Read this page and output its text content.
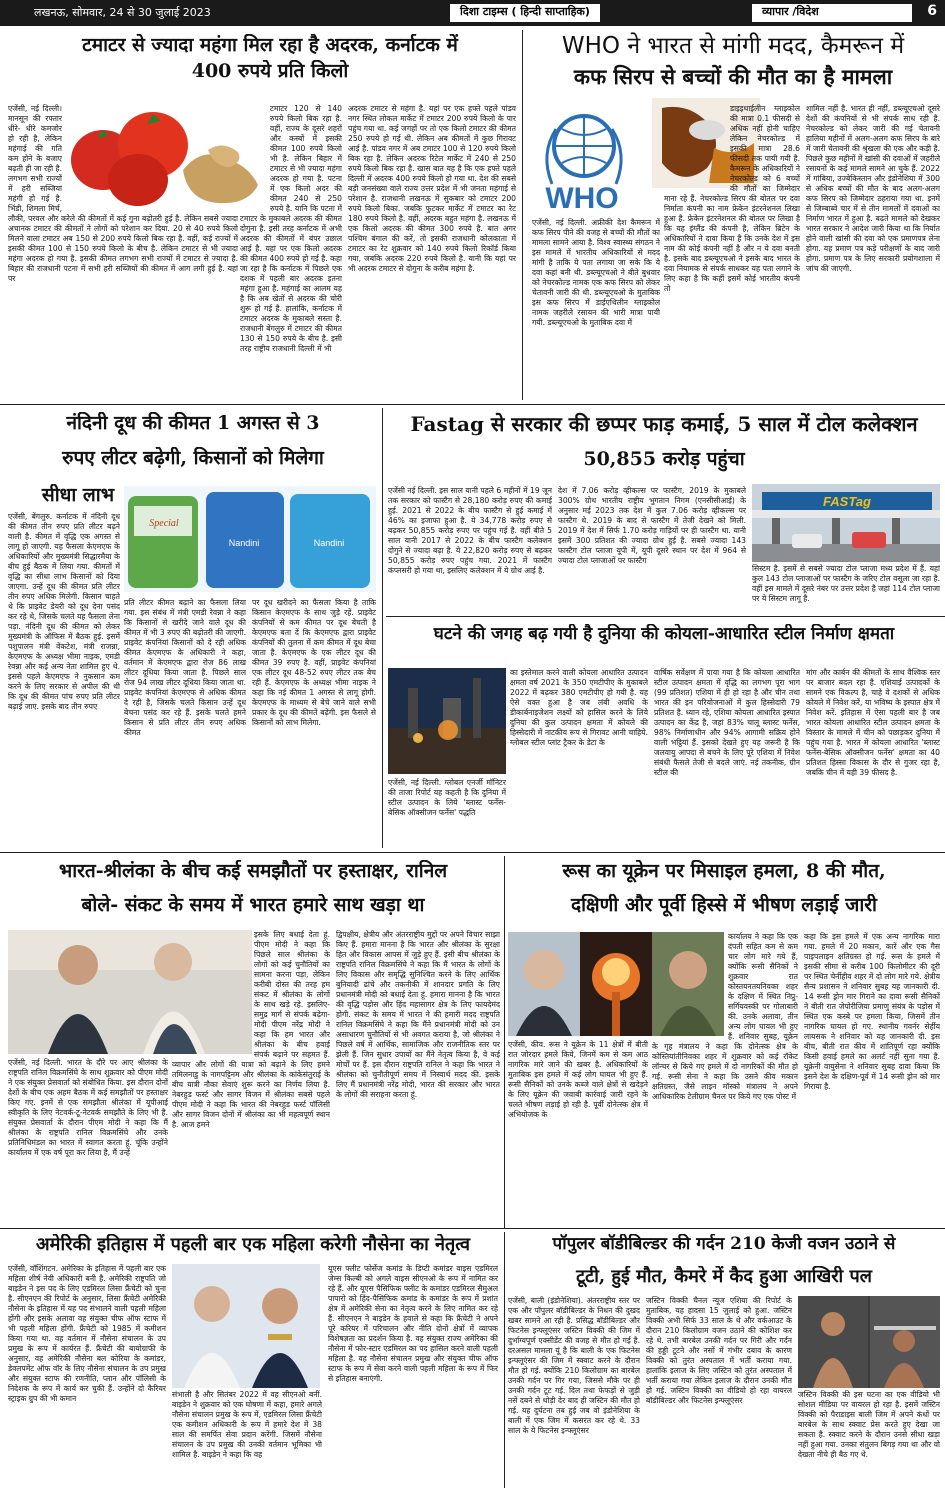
लखनऊ, सोमवार, 24 से 30 जुलाई 2023	दिशा टाइम्स ( हिन्दी साप्ताहिक)	व्यापार /विदेश	6
टमाटर से ज्यादा महंगा मिल रहा है अदरक, कर्नाटक में
400 रुपये प्रति किलो
एजेंसी, नई दिल्ली। मानसून की रफ्तार धीरे- धीरे कमजोर हो रही है, लेकिन महंगाई की गति कम होने के बजाए बढ़ती ही जा रही है. लगभग सभी राज्यों में हरी सब्जियां महंगी हो गई है. भिंडी, शिमला मिर्च, लौकी, परवल और करेले की कीमतों में कई गुना बढ़ोतरी हुई है. लेकिन सबसे ज्यादा अचानक टमाटर की कीमतों ने लोगों को परेशान कर दिया. 20 से 40 रुपये किलो मिलने वाला टमाटर अब 150 से 200 रुपये किलो बिक रहा है. वहीं, कई राज्यों में इसकी कीमत 100 से 150 रुपये किलो के बीच है. लेकिन टमाटर से भी ज्यादा महंगा अदरक हो गया है. इसकी कीमत लगभग सभी राज्यों में टमाटर से ज्यादा है. बिहार की राजधानी पटना में सभी हरी सब्जियों की कीमत में आग लगी हुई है. यहां पर
टमाटर 120 से 140 रुपये किलो बिक रहा है. वहीं, राज्य के दूसरे शहरों और कस्बों में इसकी कीमत 100 रुपये किलो भी है. लेकिन बिहार में टमाटर से भी ज्यादा महंगा अदरक हो गया है. पटना में एक किलो अदर की कीमत 240 से 250 रुपये है. यानि कि पटना में टमाटर के मुकाबले अदरक की कीमत दोगुना है. इसी तरह कर्नाटक में अभी अदरक की कीमतों में बंपर उछाल आई है. यहां पर एक किलो अदरक की कीमत 400 रुपये हो गई है. कहा जा रहा है कि कर्नाटक में पिछले एक दशक में पहली बार अदरक इतना महंगा हुआ है. महंगाई का आलम यह है कि अब खेतों से अदरक की चोरी शुरू हो गई है. हालांकि, कर्नाटक में टमाटर अदरक के मुकाबले सस्ता है. राजधानी बेंगलुरु में टमाटर की कीमत 130 से 150 रुपये के बीच है. इसी तरह राष्ट्रीय राजधानी दिल्ली में भी
अदरक टमाटर से महंगा है. यहां पर एक हफ्ते पहले पांडव नगर स्थित लोकल मार्केट में टमाटर 200 रुपये किलो के पार पहुंच गया था. कई जगहों पर तो एक किलो टमाटर की कीमत 250 रुपये हो गई थी. लेकिन अब कीमतों में कुछ गिरावट आई है. पांडव नगर में अब टमाटर 100 से 120 रुपये किलो बिक रहा है. लेकिन अदरक रिटेल मार्केट में 240 से 250 रुपये किलो बिक रहा है. खास बात यह है कि एक हफ्ते पहले दिल्ली में अदरक 400 रुपये किलो हो गया था. देश की सबसे बड़ी जनसंख्या वाले राज्य उत्तर प्रदेश में भी जनता महंगाई से परेशान है. राजधानी लखनऊ में सुकबार को टमाटर 200 रुपये किलो बिका. जबकि फुटकर मार्केट में टमाटर का रेट 180 रुपये किलो है. वहीं, अदरक बहुत महंगा है. लखनऊ में एक किलो अदरक की कीमत 300 रुपये है. बात अगर पश्चिम बंगाल की करें, तो इसकी राजधानी कोलकाता में टमाटर का रेट शुक्रवार को 140 रुपये किलो रिकॉर्ड किया गया, जबकि अदरक 220 रुपये किलो है. यानी कि यहां पर भी अदरक टमाटर से दोगुना के करीब महंगा है.
WHO ने भारत से मांगी मदद, कैमरून में
कफ सिरप से बच्चों की मौत का है मामला
WHO
एजेंसी, नई दिल्ली. अफ्रीकी देश कैमरून में कफ सिरप पीने की वजह से बच्चों की मौतों का मामला सामने आया है. विश्व स्वास्थ्य संगठन ने इस मामले में भारतीय अधिकारियों से मदद मांगी है ताकि ये पता लगाया जा सके कि ये दवा कहां बनी थी. डब्ल्यूएचओ ने बीते बुधवार को नेचरकोल्ड नामक एक कफ सिरप को लेकर चेतावनी जारी की थी. डब्ल्यूएचओ के मुताबिक इस कफ सिरप में डाईएथिलीन ग्लाइकोल नामक जहरीले रसायन की भारी मात्रा पायी गयी. डब्ल्यूएचओ के मुताबिक दवा में
डाइइथाईलीन ग्लाइकोल की मात्रा 0.1 फीसदी से अधिक नहीं होनी चाहिए लेकिन नेचरकोल्ड में इसकी मात्रा 28.6 फीसदी तक पायी गयी है. कैमरून के अधिकारियों ने नेचरकोल्ड को 6 बच्चों की मौतों का जिम्मेदार माना रहे हैं. नेचरकोल्ड सिरप की बोतल पर दवा निर्माता कंपनी का नाम फ्रेकेन इंटरनेशनल लिखा हुआ है. फ्रेकेन इंटरनेशनल की बोतल पर लिखा है कि यह इंग्लैंड की कंपनी है, लेकिन ब्रिटेन के अधिकारियों ने दावा किया है कि उनके देश में इस नाम की कोई कंपनी नहीं है और न ये दवा बनती है. इसके बाद डब्ल्यूएचओ ने इसके बाद भारत के दवा नियामक से संपर्क साधकर यह पता लगाने के लिए कहा है कि कहीं इसमें कोई भारतीय कंपनी तो
शामिल नहीं है. भारत ही नहीं, डब्ल्यूएचओ दूसरे देशों की कंपनियों से भी संपर्क साध रही है. नेचरकोल्ड को लेकर जारी की गई चेतावनी हालिया महीनों में अलग-अलग कफ सिरप के बारे में जारी चेतावनी की श्रृंखला की एक और कड़ी है. पिछले कुछ महीनों में खांसी की दवाओं में जहरीले रसायनों के कई मामले सामने आ चुके हैं. 2022 में गांबिया, उज्बेकिस्तान और इंडोनेशिया में 300 से अधिक बच्चों की मौत के बाद अलग-अलग कफ सिरप को जिम्मेदार ठहराया गया था. इनमें से जिम्बाब्वे चार में से तीन मामलों में दवाओं का निर्माण भारत में हुआ है. बढ़ते मामले को देखकर भारत सरकार ने आदेश जारी किया था कि निर्यात होने वाली खांसी की दवा को एक प्रमाणपत्र लेना होगा. यह प्रमाण पत्र कड़े परीक्षणों के बाद जारी होगा. प्रमाण पत्र के लिए सरकारी प्रयोगशाला में जांच की जाएगी.
नंदिनी दूध की कीमत 1 अगस्त से 3
रुपए लीटर बढ़ेगी, किसानों को मिलेगा
सीधा लाभ
Special
Nandini	Nandini
एजेंसी, बेंगलुरु. कर्नाटक में नंदिनी दूध की कीमत तीन रुपए प्रति लीटर बढ़ने वाली है. कीमत में वृद्धि एक अगस्त से लागू हो जाएगी. यह फैसला केएमएफ के अधिकारियों और मुख्यमंत्री सिद्धारमैया के बीच हुई बैठक में लिया गया. कीमतों में वृद्धि का सीधा लाभ किसानों को दिया जाएगा. उन्हें दूध की कीमत प्रति लीटर तीन रुपए अधिक मिलेगी. किसान चाहते थे कि प्राइवेट डेयरी को दूध देना पसंद कर रहे थे, जिसके चलते यह फैसला लेना पड़ा. नंदिनी दूध की कीमत को लेकर मुख्यमंत्री के ऑफिस में बैठक हुई. इसमें पशुपालन मंत्री वेंकटेश, मंत्री राजन्ना, केएमएफ के अध्यक्ष भीमा नाइक, एमडी रेवन्ना और कई अन्य नेता शामिल हुए थे. इससे पहले केएमएफ ने नुकसान कम करने के लिए सरकार से अपील की थी कि दूध की कीमत पांच रुपए प्रति लीटर बढ़ाई जाए. इसके बाद तीन रुपए
प्रति लीटर कीमत बढ़ाने का फैसला लिया गया. इस संबंध में मंत्री एमडी रेवन्ना ने कहा कि किसानों से खरीदे जाने वाले दूध की कीमत में भी 3 रुपए की बढ़ोतरी की जाएगी. प्राइवेट कंपनियां किसानों को दे रही अधिक कीमत केएमएफ के अधिकारी ने कहा, वर्तमान में केएमएफ द्वारा रोज 86 लाख लीटर दूधिया किया जाता है. पिछले साल रोज 94 लाख लीटर दूधिया किया जाता था. प्राइवेट कंपनियां केएमएफ से अधिक कीमत दे रही है, जिसके चलते किसान उन्हें दूध बेचना पसंद कर रहे हैं. इसके चलते हमने किसान से प्रति लीटर तीन रुपए अधिक कीमत
पर दूध खरीदने का फैसला किया है ताकि किसान केएमएफ के साथ जुड़े रहें. प्राइवेट कंपनियों से कम कीमत पर दूध बेचती है केएमएफ बता दें कि केएमएफ द्वारा प्राइवेट कंपनियों की तुलना में कम कीमत में दूध बेचा जाता है. केएमएफ के एक लीटर दूध की कीमत 39 रुपए है. वहीं, प्राइवेट कंपनियां एक लीटर दूध 48-52 रुपए लीटर तक बेच रही हैं. केएमएफ के अध्यक्ष भीमा नाइक ने कहा कि नई कीमत 1 अगस्त से लागू होगी. केएमएफ के माध्यम से बेचे जाने वाले सभी प्रकार के दूध की कीमतें बढ़ेंगी. इस फैसले से किसानों को लाभ मिलेगा.
Fastag से सरकार की छप्पर फाड़ कमाई, 5 साल में टोल कलेक्शन
50,855 करोड़ पहुंचा
एजेंसी नई दिल्ली. इस साल यानी पहले 6 महीनों में 19 जून तक सरकार को फास्टैग से 28,180 करोड़ रुपए की कमाई हुई. 2021 से 2022 के बीच फास्टैग से हुई कमाई में 46% का इजाफा हुआ है. ये 34,778 करोड़ रुपए से बढ़कर 50,855 करोड़ रुपए पर पहुंच गई है. वहीं बीते 5 साल यानी 2017 से 2022 के बीच फास्टैग कलेक्शन दोगुने से ज्यादा बढ़ा है. ये 22,820 करोड़ रुपए से बढ़कर 50,855 करोड़ रुपए पहुंच गया. 2021 में फास्टैग कंप्लसरी हो गया था, इसलिए कलेक्शन में ये ग्रोथ आई है.
देश में 7.06 करोड़ व्हीकल्स पर फास्टैग, 2019 के मुकाबले 300% ग्रोथ भारतीय राष्ट्रीय भुगतान निगम (एनसीसीआई) के अनुसार मई 2023 तक देश में कुल 7.06 करोड़ व्हीकल्स पर फास्टैग थे. 2019 के बाद से फास्टैग में तेजी देखने को मिली. 2019 में देश में सिर्फ 1.70 करोड़ गाड़ियों पर ही फास्टैग था. यानी इसमें 300 प्रतिशत की ज्यादा ग्रोथ हुई है. सबसे ज्यादा 143 फास्टैग टोल प्लाजा यूपी में, यूपी दूसरे स्थान पर देश में 964 से ज्यादा टोल प्लाजाओं पर फास्टैग
FASTag
सिस्टम है. इसमें से सबसे ज्यादा टोल प्लाजा मध्य प्रदेश में हैं. यहां कुल 143 टोल प्लाजाओं पर फास्टैग के जरिए टोल वसूला जा रहा है. वहीं इस मामले में दूसरे नंबर पर उत्तर प्रदेश है जहां 114 टोल प्लाजा पर ये सिस्टम लागू है.
घटने की जगह बढ़ गयी है दुनिया की कोयला-आधारित स्टील निर्माण क्षमता
एजेंसी, नई दिल्ली. ग्लोबल एनर्जी मॉनिटर की ताजा रिपोर्ट यह कहती है कि दुनिया में स्टील उत्पादन के लिये 'ब्लास्ट फर्नेस- बेसिक ऑक्सीजन फर्नेस' पद्धति
का इस्तेमाल करने वाली कोयला आधारित उत्पादन क्षमता वर्ष 2021 के 350 एमटीपीए के मुकाबले 2022 में बढ़कर 380 एमटीपीए हो गयी है. यह ऐसे वक्त हुआ है जब लंबी अवधि के डीकार्बनाइजेशन लक्ष्यों को हासिल करने के लिये दुनिया की कुल उत्पादन क्षमता में कोयले की हिस्सेदारी में नाटकीय रूप से गिरावट आनी चाहिये. ग्लोबल स्टील प्लांट ट्रैकर के डेटा के
वार्षिक सर्वेक्षण में पाया गया है कि कोयला आधारित स्टील उत्पादन क्षमता में वृद्धि का लगभग पूरा भाग (99 प्रतिशत) एशिया में ही हो रहा है और चीन तथा भारत की इन परियोजनाओं में कुल हिस्सेदारी 79 प्रतिशत है. ध्यान रहे, एशिया कोयला आधारित इस्पात उत्पादन का केंद्र है, जहां 83% चालू ब्लास्ट फर्नेस, 98% निर्माणाधीन और 94% आगामी सक्रिय होने वाली भट्ठियां हैं. इसको देखते हुए यह जरूरी है कि जलवायु आपदा से बचने के लिए पूरे एशिया में निवेश संबंधी फैसले तेजी से बदले जाएं. नई तकनीक, ग्रीन स्टील की
मांग और कार्बन की कीमतों के साथ वैश्विक स्तर पर बाजार बदल रहा है. एशियाई उत्पादकों के सामने एक विकल्प है, चाहे वे दशकों से अधिक कोयले में निवेश करें, या भविष्य के इस्पात क्षेत्र में निवेश करें. इतिहास में ऐसा पहली बार है जब भारत कोयला आधारित स्टील उत्पादन क्षमता के विस्तार के मामले में चीन को पछाड़कर दुनिया में पहुंच गया है. भारत में कोयला आधारित 'ब्लास्ट फर्नेस-बेसिक ऑक्सीजन फर्नेस' क्षमता का 40 प्रतिशत हिस्सा विकास के दौर से गुजर रहा है, जबकि चीन में यही 39 फीसद है.
भारत-श्रीलंका के बीच कई समझौतों पर हस्ताक्षर, रानिल
बोले- संकट के समय में भारत हमारे साथ खड़ा था
एजेंसी, नई दिल्ली. भारत के दौरे पर आए श्रीलंका के राष्ट्रपति रानिल विक्रमसिंघे के साथ शुक्रवार को पीएम मोदी ने एक संयुक्त प्रेसवार्ता को संबोधित किया. इस दौरान दोनों देशों के बीच एक अहम बैठक में कई समझौतों पर हस्ताक्षर किए गए. इनमें से एक समझौता श्रीलंका में यूपीआई स्वीकृति के लिए नेटवर्क-टू-नेटवर्क समझौते के लिए भी है. संयुक्त प्रेसवार्ता के दौरान पीएम मोदी ने कहा कि मैं श्रीलंका के राष्ट्रपति रानिल विक्रमसिंघे और उनके प्रतिनिधिमंडल का भारत में स्वागत करता हूं. चूंकि उन्होंने कार्यालय में एक वर्ष पूरा कर लिया है, मैं उन्हें
इसके लिए बधाई देता हूं. पीएम मोदी ने कहा कि पिछले साल श्रीलंका के लोगों को कई चुनौतियों का सामना करना पड़ा, लेकिन करीबी दोस्त की तरह हम संकट में श्रीलंका के लोगों के साथ खड़े रहे. इसलिए-समुद्र मार्ग से संपर्क बढ़ेगा- मोदी पीएम नरेंद्र मोदी ने कहा कि हम भारत और श्रीलंका के बीच हवाई संपर्क बढ़ाने पर सहमत हैं. व्यापार और लोगों की यात्रा को बढ़ाने के लिए हमने तमिलनाडु के नागपट्टिनम और श्रीलंका के कांकेसंतुराई के बीच यात्री नौका सेवाएं शुरू करने का निर्णय लिया है. नेबरहुड फर्स्ट और सागर विजन में श्रीलंका सबसे पहले पीएम मोदी ने कहा कि भारत की नेबरहुड फर्स्ट पॉलिसी और सागर विजन दोनों में श्रीलंका का भी महत्वपूर्ण स्थान है. आज हमने
द्विपक्षीय, क्षेत्रीय और अंतरराष्ट्रीय मुद्दों पर अपने विचार साझा किए हैं. हमारा मानना है कि भारत और श्रीलंका के सुरक्षा हित और विकास आपस में जुड़े हुए हैं. इसी बीच श्रीलंका के राष्ट्रपति रानिल विक्रमसिंघे ने कहा कि मैं भारत के लोगों के लिए विकास और समृद्धि सुनिश्चित करने के लिए आर्थिक बुनियादी ढांचे और तकनीकी में शानदार प्रगति के लिए प्रधानमंत्री मोदी को बधाई देता हूं. हमारा मानना है कि भारत की वृद्धि पड़ोस और हिंद महासागर क्षेत्र के लिए फायदेमंद होगी. संकट के समय में भारत ने की हमारी मदद राष्ट्रपति रानिल विक्रमसिंघे ने कहा कि मैंने प्रधानमंत्री मोदी को उन असाधारण चुनौतियों से भी अवगत कराया है, जो श्रीलंका ने पिछले वर्ष में आर्थिक, सामाजिक और राजनीतिक स्तर पर झेली हैं. जिन सुधार उपायों का मैंने नेतृत्व किया है, वे कई मोर्चों पर हैं. इस दौरान राष्ट्रपति रानिल ने कहा कि भारत ने श्रीलंका को चुनौतीपूर्ण समय में निस्वार्थ मदद की. इसके लिए मैं प्रधानमंत्री नरेंद्र मोदी, भारत की सरकार और भारत के लोगों की सराहना करता हूं.
रूस का यूक्रेन पर मिसाइल हमला, 8 की मौत,
दक्षिणी और पूर्वी हिस्से में भीषण लड़ाई जारी
एजेंसी, कीव. रूस ने यूक्रेन के 11 क्षेत्रों में बीती रात जोरदार हमले किये, जिनमें कम से कम आठ नागरिक मारे जाने की खबर है. अधिकारियों के मुताबिक इस हमले में कई लोग घायल भी हुए हैं. रूसी सैनिकों को उनके कब्जे वाले क्षेत्रों से खदेड़ने के लिए यूक्रेन की जवाबी कार्रवाई जारी रहने के चलते भीषण लड़ाई हो रही है. पूर्वी दोनेत्स्क क्षेत्र में अभियोजक के
कार्यालय ने कहा कि एक दंपती सहित कम से कम चार लोग मारे गये हैं, क्योंकि रूसी सैनिकों ने शुक्रवार रात कोस्तयनतयनिवका शहर के दक्षिण में स्थित निप्रु-सर्गियवस्की पर गोलाबारी की. उनके अलावा, तीन अन्य लोग घायल भी हुए हैं. शनिवार सुबह, यूक्रेन के गृह मंत्रालय ने कहा कि दोनेत्स्क क्षेत्र के कोस्तियांतीनिवका शहर में शुक्रवार को कई रॉकेट लॉन्चर से किये गए हमले में दो नागरिकों की मौत हो गई. रूसी सेना ने कहा कि उसने कीव मकान क्षतिग्रस्त, जैसे लाइन मॉस्को मंत्रालय ने अपने आधिकारिक टेलीग्राम चैनल पर किये गए एक पोस्ट में
कहा कि इस हमले में एक अन्य नागरिक मारा गया. हमले में 20 मकान, कारें और एक गैस पाइपलाइन क्षतिग्रस्त हो गई. रूस के हमले में इसकी सीमा से करीब 100 किलोमीटर की दूरी पर स्थित चेर्नीहीव शहर में दो लोग मारे गये. क्षेत्रीय सैन्य प्रशासन ने शनिवार सुबह यह जानकारी दी. 14 रूसी ड्रोन मार गिराने का दावा रूसी सैनिकों ने बीती रात जेपोरीजिया प्रमाणु संयंत्र के पड़ोस में स्थित एक कस्बे पर हमला किया, जिसमें तीन नागरिक घायल हो गए. स्थानीय गवर्नर सेर्हीय लायसक ने शनिवार को यह जानकारी दी. इस बीच, बीती रात कीव में शांतिपूर्ण रहा क्योंकि किसी हवाई हमले का अलर्ट नहीं सुना गया है. यूक्रेनी वायुसेना ने शनिवार सुबह दावा किया कि इसने देश के दक्षिण-पूर्व में 14 रूसी ड्रोन को मार गिराया है.
अमेरिकी इतिहास में पहली बार एक महिला करेगी नौसेना का नेतृत्व
एजेंसी, वॉशिंगटन. अमेरिका के इतिहास में पहली बार एक महिला शीर्ष नेवी अधिकारी बनी है. अमेरिकी राष्ट्रपति जो बाइडेन ने इस पद के लिए एडमिरल लिसा फ्रैंचेटी को चुना है. सीएनएन की रिपोर्ट के अनुसार, लिसा फ्रैंचेटी अमेरिकी नौसेना के इतिहास में यह पद संभालने वाली पहली महिला होंगी और इसके अलावा वह संयुक्त चीफ ऑफ स्टाफ में भी पहली महिला होंगी. फ्रैंचेटी को 1985 में कमीशन किया गया था. वह वर्तमान में नौसेना संचालन के उप प्रमुख के रूप में कार्यरत हैं. फ्रैंचेटी की बायोग्राफी के अनुसार, वह अमेरिकी नौसेना बल कोरिया के कमांडर, डेवलपमेंट ऑफ वॉर के लिए नौसेना संचालन के उप प्रमुख और संयुक्त स्टाफ की रणनीति, प्लान और पॉलिसी के निदेशक के रूप में कार्य कर चुकी हैं. उन्होंने दो कैरियर स्ट्राइक ग्रुप की भी कमान	संभाली है और सितंबर 2022 में वह सीएनओ बनीं. बाइडेन ने शुक्रवार को एक घोषणा में कहा, हमारे अगले नौसेना संचालन प्रमुख के रूप में, एडमिरल लिसा फ्रैंचेटी एक कमीशन अधिकारी के रूप में हमारे देश में 38 साल की समर्पित सेवा प्रदान करेंगी. जिसमें नौसेना संचालन के उप प्रमुख की उनकी वर्तमान भूमिका भी शामिल है. बाइडेन ने कहा कि वह
यूएस फ्लीट फोर्सेज कमांड के डिप्टी कमांडर वाइस एडमिरल जेम्स किल्बी को अगले वाइस सीएनओ के रूप में नामित कर रहे हैं. और यूएस पैसिफिक फ्लीट के कमांडर एडमिरल सैमुअल पापारो को हिंद-पैसिफिक कमांड के कमांडर के रूप में प्रशांत क्षेत्र में अमेरिकी सेना का नेतृत्व करने के लिए नामित कर रहे हैं. सीएनएन ने बाइडेन के हवाले से कहा कि फ्रैंचेटी ने अपने पूरे करियर में परिचालन और नीति दोनों क्षेत्रों में व्यापक विशेषज्ञता का प्रदर्शन किया है. वह संयुक्त राज्य अमेरिका की नौसेना में फोर-स्टार एडमिरल का पद हासिल करने वाली पहली महिला है. वह नौसेना संचालन प्रमुख और संयुक्त चीफ ऑफ स्टाफ के रूप में सेवा करने वाली पहली महिला के रूप में फिर से इतिहास बनाएंगी.
पॉपुलर बॉडीबिल्डर की गर्दन 210 केजी वजन उठाने से
टूटी, हुई मौत, कैमरे में कैद हुआ आखिरी पल
एजेंसी, बाली (इंडोनेशिया). अंतरराष्ट्रीय स्तर पर एक और पॉपुलर बॉडीबिल्डर के निधन की दुखद खबर सामने आ रही है. प्रसिद्ध बॉडीबिल्डर और फिटनेस इन्फ्लूएंसर जस्टिन विक्की की जिम में दुर्भाग्यपूर्ण एक्सीडेंट की वजह से मौत हो गई है. दरअसल मामला यूं है कि बाली के एक फिटनेस इन्फ्लूएंसर की जिम में स्क्वाट करने के दौरान मौत हो गई. क्योंकि 210 किलोग्राम का बारबेल उनकी गर्दन पर गिर गया, जिससे मौके पर ही उनकी गर्दन टूट गई. दिल तथा फेफड़ों से जुड़ी नसें दबने से थोड़ी देर बाद ही जस्टिन की मौत हो गई. यह दुर्घटना तब हुई जब वो इंडोनेशिया के बाली में एक जिम में कसरत कर रहे थे. 33 साल के ये फिटनेस इन्फ्लूएंसर
जस्टिन विक्की चैनल न्यूज एशिया की रिपोर्ट के मुताबिक, यह हादसा 15 जुलाई को हुआ. जस्टिन विक्की अभी सिर्फ 33 साल के थे और वर्कआउट के दौरान 210 किलोग्राम वजन उठाने की कोशिश कर रहे थे. तभी बारबेल उनकी गर्दन पर गिरी और गर्दन की हड्डी टूटने और नसों में गंभीर दबाव के कारण विक्की को तुरंत अस्पताल में भर्ती कराया गया. हालांकि इलाज के लिए जस्टिन को तुरंत अस्पताल में भर्ती कराया गया लेकिन इलाज के दौरान उनकी मौत हो गई. जस्टिन विक्की का वीडियो हो रहा वायरल बॉडीबिल्डर और फिटनेस इन्फ्लूएंसर
जस्टिन विक्की की इस घटना का एक वीडियो भी सोशल मीडिया पर वायरल हो रहा है. इसमें जस्टिन विक्की को पैराडाइस बाली जिम में अपने कंधों पर बारबेल के साथ स्क्वाट प्रेस करते हुए देखा जा सकता है. स्क्वाट करने के दौरान उनसे सीधा खड़ा नहीं हुआ गया. उनका संतुलन बिगड़ गया था और वो देखता नीचे ही बैठ गए थे.
